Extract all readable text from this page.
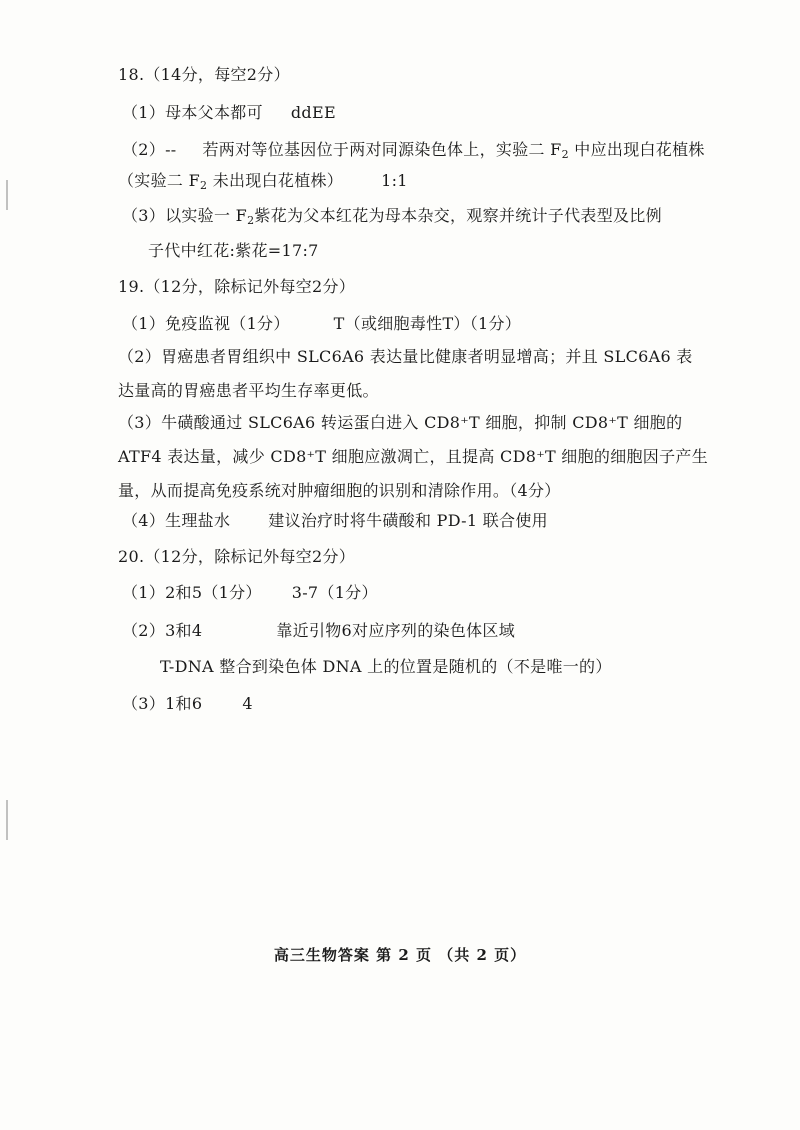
18.（14分，每空2分）
（1）母本父本都可 ddEE
（2）-- 若两对等位基因位于两对同源染色体上，实验二 $F_2$ 中应出现白花植株
（实验二 $F_2$ 未出现白花植株） 1:1
（3）以实验一 $F_2$紫花为父本红花为母本杂交，观察并统计子代表型及比例
子代中红花:紫花=17:7
19.（12分，除标记外每空2分）
（1）免疫监视（1分）	T（或细胞毒性T）（1分）
（2）胃癌患者胃组织中 SLC6A6 表达量比健康者明显增高；并且 SLC6A6 表达量高的胃癌患者平均生存率更低。
（3）牛磺酸通过 SLC6A6 转运蛋白进入 CD8⁺T 细胞，抑制 CD8⁺T 细胞的 ATF4 表达量，减少 CD8⁺T 细胞应激凋亡，且提高 CD8⁺T 细胞的细胞因子产生量，从而提高免疫系统对肿瘤细胞的识别和清除作用。（4分）
（4）生理盐水 建议治疗时将牛磺酸和 PD-1 联合使用
20.（12分，除标记外每空2分）
（1）2和5（1分） 3-7（1分）
（2）3和4	靠近引物6对应序列的染色体区域
T-DNA 整合到染色体 DNA 上的位置是随机的（不是唯一的）
（3）1和6	4
高三生物答案 第 2 页 （共 2 页）
